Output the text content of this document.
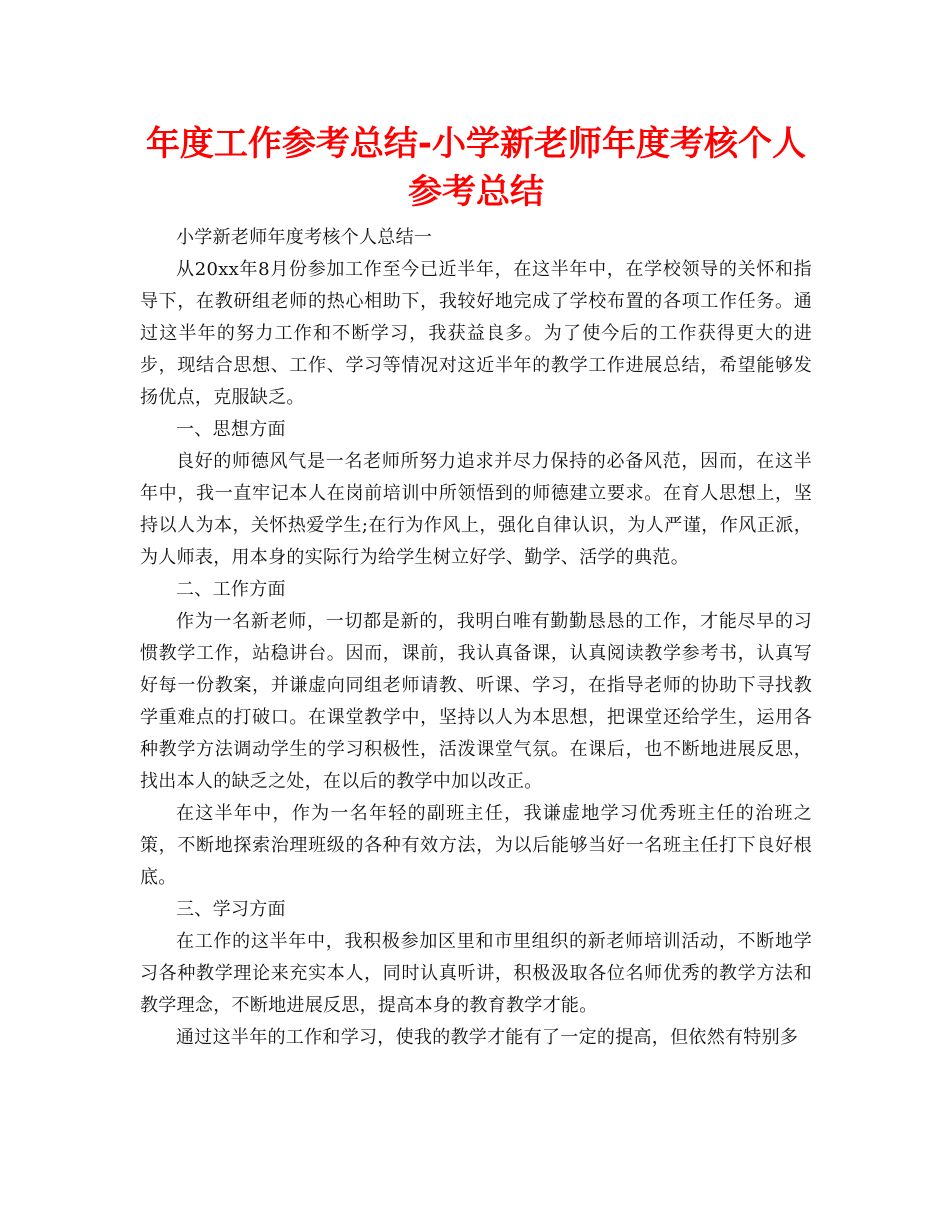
年度工作参考总结-小学新老师年度考核个人参考总结

小学新老师年度考核个人总结一

从20xx年8月份参加工作至今已近半年，在这半年中，在学校领导的关怀和指导下，在教研组老师的热心相助下，我较好地完成了学校布置的各项工作任务。通过这半年的努力工作和不断学习，我获益良多。为了使今后的工作获得更大的进步，现结合思想、工作、学习等情况对这近半年的教学工作进展总结，希望能够发扬优点，克服缺乏。

一、思想方面

良好的师德风气是一名老师所努力追求并尽力保持的必备风范，因而，在这半年中，我一直牢记本人在岗前培训中所领悟到的师德建立要求。在育人思想上，坚持以人为本，关怀热爱学生;在行为作风上，强化自律认识，为人严谨，作风正派，为人师表，用本身的实际行为给学生树立好学、勤学、活学的典范。

二、工作方面

作为一名新老师，一切都是新的，我明白唯有勤勤恳恳的工作，才能尽早的习惯教学工作，站稳讲台。因而，课前，我认真备课，认真阅读教学参考书，认真写好每一份教案，并谦虚向同组老师请教、听课、学习，在指导老师的协助下寻找教学重难点的打破口。在课堂教学中，坚持以人为本思想，把课堂还给学生，运用各种教学方法调动学生的学习积极性，活泼课堂气氛。在课后，也不断地进展反思，找出本人的缺乏之处，在以后的教学中加以改正。

在这半年中，作为一名年轻的副班主任，我谦虚地学习优秀班主任的治班之策，不断地探索治理班级的各种有效方法，为以后能够当好一名班主任打下良好根底。

三、学习方面

在工作的这半年中，我积极参加区里和市里组织的新老师培训活动，不断地学习各种教学理论来充实本人，同时认真听讲，积极汲取各位名师优秀的教学方法和教学理念，不断地进展反思，提高本身的教育教学才能。

通过这半年的工作和学习，使我的教学才能有了一定的提高，但依然有特别多
